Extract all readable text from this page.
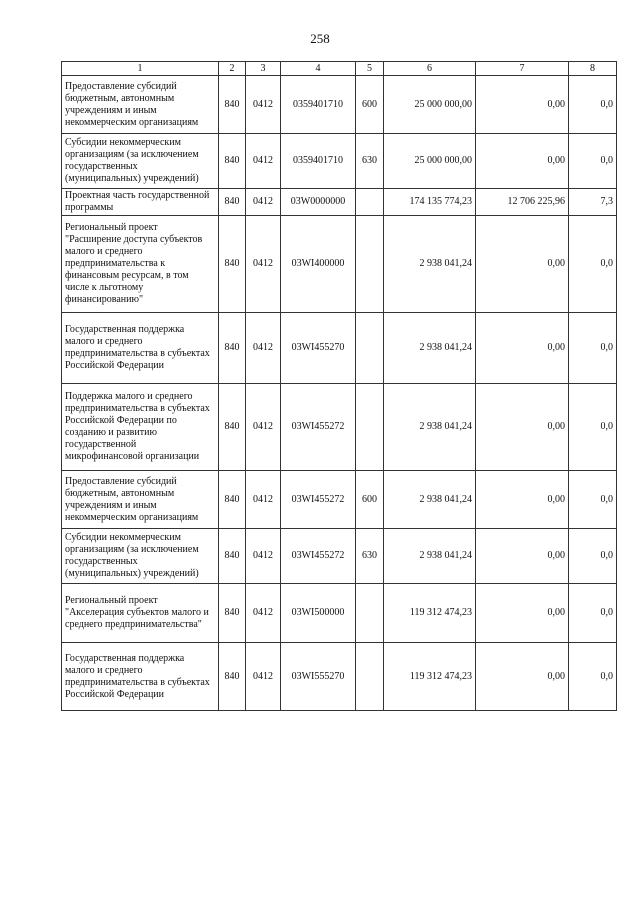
258
1	2	3	4	5	6	7	8
Предоставление субсидий бюджетным, автономным учреждениям и иным некоммерческим организациям	840	0412	0359401710	600	25 000 000,00	0,00	0,0
Субсидии некоммерческим организациям (за исключением государственных (муниципальных) учреждений)	840	0412	0359401710	630	25 000 000,00	0,00	0,0
Проектная часть государственной программы	840	0412	03W0000000		174 135 774,23	12 706 225,96	7,3
Региональный проект "Расширение доступа субъектов малого и среднего предпринимательства к финансовым ресурсам, в том числе к льготному финансированию"	840	0412	03WI400000		2 938 041,24	0,00	0,0
Государственная поддержка малого и среднего предпринимательства в субъектах Российской Федерации	840	0412	03WI455270		2 938 041,24	0,00	0,0
Поддержка малого и среднего предпринимательства в субъектах Российской Федерации по созданию и развитию государственной микрофинансовой организации	840	0412	03WI455272		2 938 041,24	0,00	0,0
Предоставление субсидий бюджетным, автономным учреждениям и иным некоммерческим организациям	840	0412	03WI455272	600	2 938 041,24	0,00	0,0
Субсидии некоммерческим организациям (за исключением государственных (муниципальных) учреждений)	840	0412	03WI455272	630	2 938 041,24	0,00	0,0
Региональный проект "Акселерация субъектов малого и среднего предпринимательства"	840	0412	03WI500000		119 312 474,23	0,00	0,0
Государственная поддержка малого и среднего предпринимательства в субъектах Российской Федерации	840	0412	03WI555270		119 312 474,23	0,00	0,0
